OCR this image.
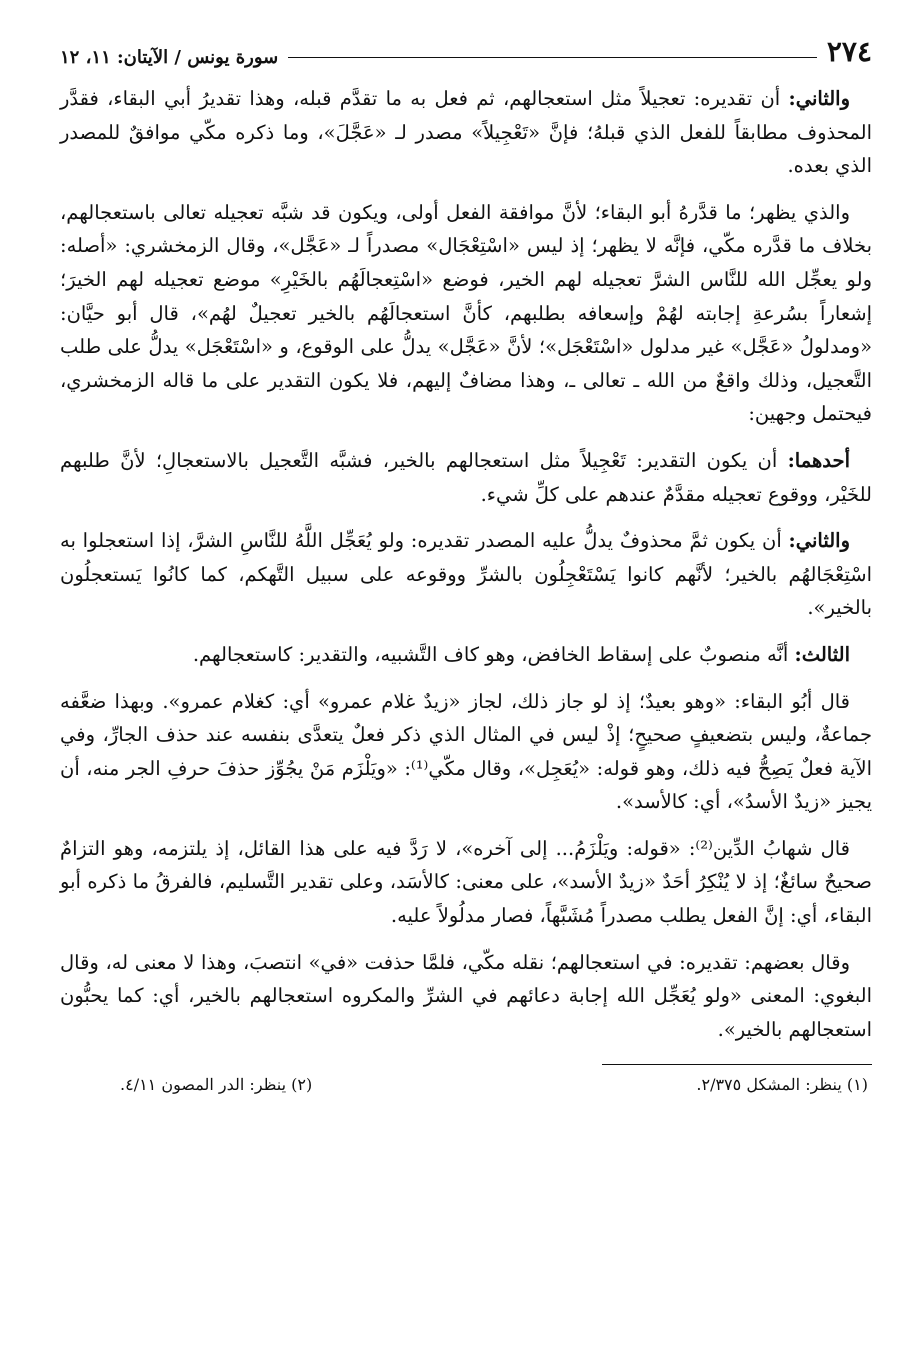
٢٧٤
سورة يونس / الآيتان: ١١، ١٢

والثاني: أن تقديره: تعجيلاً مثل استعجالهم، ثم فعل به ما تقدَّم قبله، وهذا تقديرُ أبي البقاء، فقدَّر المحذوف مطابقاً للفعل الذي قبلهُ؛ فإنَّ «تَعْجِيلاً» مصدر لـ «عَجَّلَ»، وما ذكره مكّي موافقٌ للمصدر الذي بعده.

والذي يظهر؛ ما قدَّرهُ أبو البقاء؛ لأنَّ موافقة الفعل أولى، ويكون قد شبَّه تعجيله تعالى باستعجالهم، بخلاف ما قدَّره مكّي، فإنَّه لا يظهر؛ إذ ليس «اسْتِعْجَال» مصدراً لـ «عَجَّل»، وقال الزمخشري: «أصله: ولو يعجِّل الله للنَّاس الشرَّ تعجيله لهم الخير، فوضع «اسْتِعجالَهُم بالخَيْرِ» موضع تعجيله لهم الخيرَ؛ إشعاراً بسُرعةِ إجابته لهُمْ وإسعافه بطلبهم، كأنَّ استعجالَهُم بالخير تعجيلٌ لهُم»، قال أبو حيَّان: «ومدلولُ «عَجَّل» غير مدلول «اسْتَعْجَل»؛ لأنَّ «عَجَّل» يدلُّ على الوقوع، و «اسْتَعْجَل» يدلُّ على طلب التَّعجيل، وذلك واقعٌ من الله ـ تعالى ـ، وهذا مضافٌ إليهم، فلا يكون التقدير على ما قاله الزمخشري، فيحتمل وجهين:

أحدهما: أن يكون التقدير: تَعْجِيلاً مثل استعجالهم بالخير، فشبَّه التَّعجيل بالاستعجالِ؛ لأنَّ طلبهم للخَيْر، ووقوع تعجيله مقدَّمٌ عندهم على كلِّ شيء.

والثاني: أن يكون ثمَّ محذوفٌ يدلُّ عليه المصدر تقديره: ولو يُعَجِّل اللَّهُ للنَّاسِ الشرَّ، إذا استعجلوا به اسْتِعْجَالهُم بالخير؛ لأنَّهم كانوا يَسْتَعْجِلُون بالشرِّ ووقوعه على سبيل التَّهكم، كما كانُوا يَستعجلُون بالخير».

الثالث: أنَّه منصوبٌ على إسقاط الخافض، وهو كاف التَّشبيه، والتقدير: كاستعجالهم.

قال أبُو البقاء: «وهو بعيدٌ؛ إذ لو جاز ذلك، لجاز «زيدٌ غلام عمرو» أي: كغلام عمرو». وبهذا ضعَّفه جماعةٌ، وليس بتضعيفٍ صحيحٍ؛ إذْ ليس في المثال الذي ذكر فعلٌ يتعدَّى بنفسه عند حذف الجارِّ، وفي الآية فعلٌ يَصِحُّ فيه ذلك، وهو قوله: «يُعَجِل»، وقال مكّي⁽¹⁾: «ويَلْزَم مَنْ يجُوِّز حذفَ حرفِ الجر منه، أن يجيز «زيدٌ الأسدُ»، أي: كالأسد».

قال شهابُ الدِّين⁽²⁾: «قوله: ويَلْزَمُ... إلى آخره»، لا رَدَّ فيه على هذا القائل، إذ يلتزمه، وهو التزامٌ صحيحٌ سائغٌ؛ إذ لا يُنْكِرُ أحَدٌ «زيدٌ الأسد»، على معنى: كالأسَد، وعلى تقدير التَّسليم، فالفرقُ ما ذكره أبو البقاء، أي: إنَّ الفعل يطلب مصدراً مُشَبَّهاً، فصار مدلُولاً عليه.

وقال بعضهم: تقديره: في استعجالهم؛ نقله مكّي، فلمَّا حذفت «في» انتصبَ، وهذا لا معنى له، وقال البغوي: المعنى «ولو يُعَجِّل الله إجابة دعائهم في الشرِّ والمكروه استعجالهم بالخير، أي: كما يحبُّون استعجالهم بالخير».

(١) ينظر: المشكل ٢/٣٧٥.
(٢) ينظر: الدر المصون ٤/١١.
